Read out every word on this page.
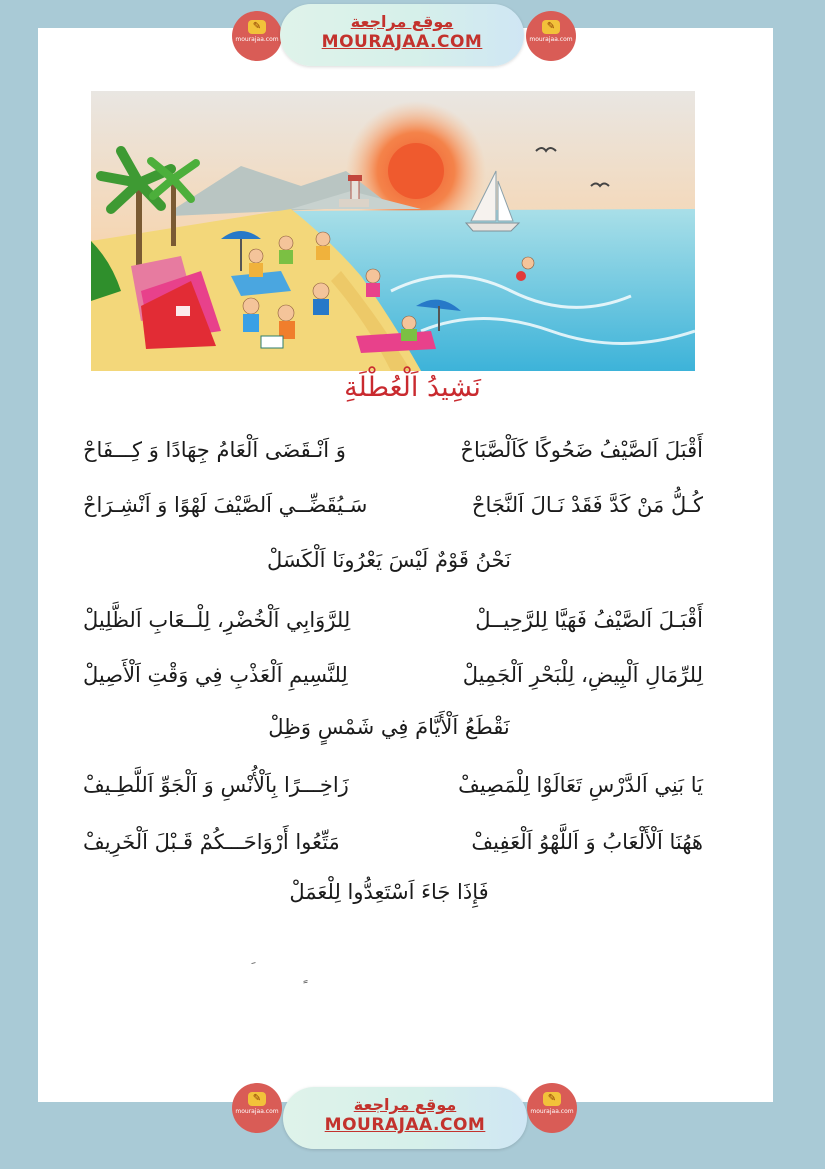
✎
mourajaa.com
موقع مراجعة
MOURAJAA.COM
✎
mourajaa.com
نَشِيدُ اَلْعُطْلَةِ
أَقْبَلَ اَلصَّيْفُ ضَحُوكًا كَاَلْصَّبَاحْ
وَ اَنْـقَضَى اَلْعَامُ جِهَادًا وَ كِـــفَاحْ
كُـلُّ مَنْ كَدَّ فَقَدْ نَـالَ اَلنَّجَاحْ
سَـيُقَضِّــي اَلصَّيْفَ لَهْوًا وَ اَنْشِـرَاحْ
نَحْنُ قَوْمٌ لَيْسَ يَعْرُونَا اَلْكَسَلْ
أَقْبَـلَ اَلصَّيْفُ فَهَيَّا لِلرَّحِيــلْ
لِلرَّوَابِي اَلْخُضْرِ، لِلْــعَابِ اَلظَّلِيلْ
لِلرِّمَالِ اَلْبِيضِ، لِلْبَحْرِ اَلْجَمِيلْ
لِلنَّسِيمِ اَلْعَذْبِ فِي وَقْتِ اَلْأَصِيلْ
نَقْطَعُ اَلْأَيَّامَ فِي شَمْسٍ وَظِلْ
يَا بَنِي اَلدَّرْسِ تَعَالَوْا لِلْمَصِيفْ
زَاخِـــرًا بِاَلْأُنْسِ وَ اَلْجَوِّ اَللَّطِـيفْ
هَهُنَا اَلْأَلْعَابُ وَ اَللَّهْوُ اَلْعَفِيفْ
مَتِّعُوا أَرْوَاحَـــكُمْ قَـبْلَ اَلْخَرِيفْ
فَإِذَا جَاءَ اَسْتَعِدُّوا لِلْعَمَلْ
✎
mourajaa.com	موقع مراجعة
MOURAJAA.COM
✎
mourajaa.com
